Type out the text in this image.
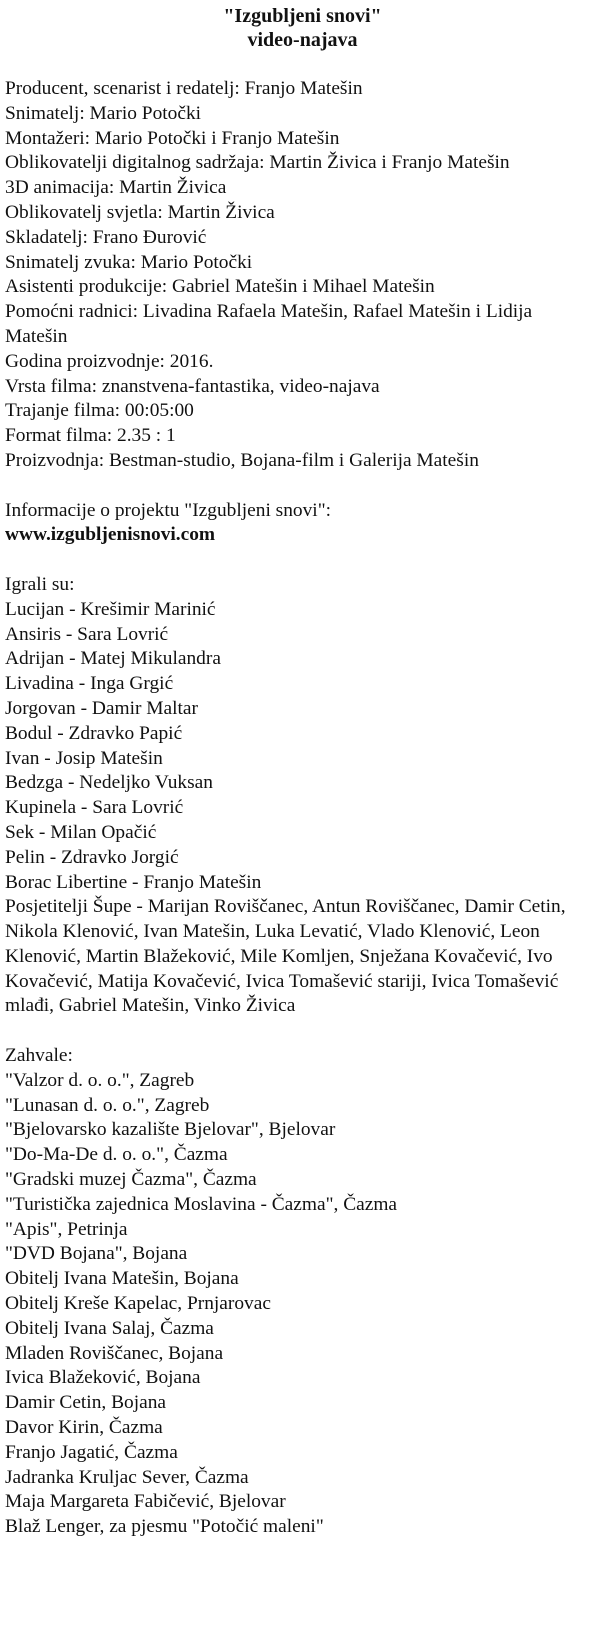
"Izgubljeni snovi"
video-najava
Producent, scenarist i redatelj: Franjo Matešin
Snimatelj: Mario Potočki
Montažeri: Mario Potočki i Franjo Matešin
Oblikovatelji digitalnog sadržaja: Martin Živica i Franjo Matešin
3D animacija: Martin Živica
Oblikovatelj svjetla: Martin Živica
Skladatelj: Frano Đurović
Snimatelj zvuka: Mario Potočki
Asistenti produkcije: Gabriel Matešin i Mihael Matešin
Pomoćni radnici: Livadina Rafaela Matešin, Rafael Matešin i Lidija Matešin
Godina proizvodnje: 2016.
Vrsta filma: znanstvena-fantastika, video-najava
Trajanje filma: 00:05:00
Format filma: 2.35 : 1
Proizvodnja: Bestman-studio, Bojana-film i Galerija Matešin
Informacije o projektu "Izgubljeni snovi":
www.izgubljenisnovi.com
Igrali su:
Lucijan - Krešimir Marinić
Ansiris - Sara Lovrić
Adrijan - Matej Mikulandra
Livadina - Inga Grgić
Jorgovan - Damir Maltar
Bodul - Zdravko Papić
Ivan - Josip Matešin
Bedzga - Nedeljko Vuksan
Kupinela - Sara Lovrić
Sek - Milan Opačić
Pelin - Zdravko Jorgić
Borac Libertine - Franjo Matešin
Posjetitelji Šupe - Marijan Roviščanec, Antun Roviščanec, Damir Cetin, Nikola Klenović, Ivan Matešin, Luka Levatić, Vlado Klenović, Leon Klenović, Martin Blažeković, Mile Komljen, Snježana Kovačević, Ivo Kovačević, Matija Kovačević, Ivica Tomašević stariji, Ivica Tomašević mlađi, Gabriel Matešin, Vinko Živica
Zahvale:
"Valzor d. o. o.", Zagreb
"Lunasan d. o. o.", Zagreb
"Bjelovarsko kazalište Bjelovar", Bjelovar
"Do-Ma-De d. o. o.", Čazma
"Gradski muzej Čazma", Čazma
"Turistička zajednica Moslavina - Čazma", Čazma
"Apis", Petrinja
"DVD Bojana", Bojana
Obitelj Ivana Matešin, Bojana
Obitelj Kreše Kapelac, Prnjarovac
Obitelj Ivana Salaj, Čazma
Mladen Roviščanec, Bojana
Ivica Blažeković, Bojana
Damir Cetin, Bojana
Davor Kirin, Čazma
Franjo Jagatić, Čazma
Jadranka Kruljac Sever, Čazma
Maja Margareta Fabičević, Bjelovar
Blaž Lenger, za pjesmu "Potočić maleni"
